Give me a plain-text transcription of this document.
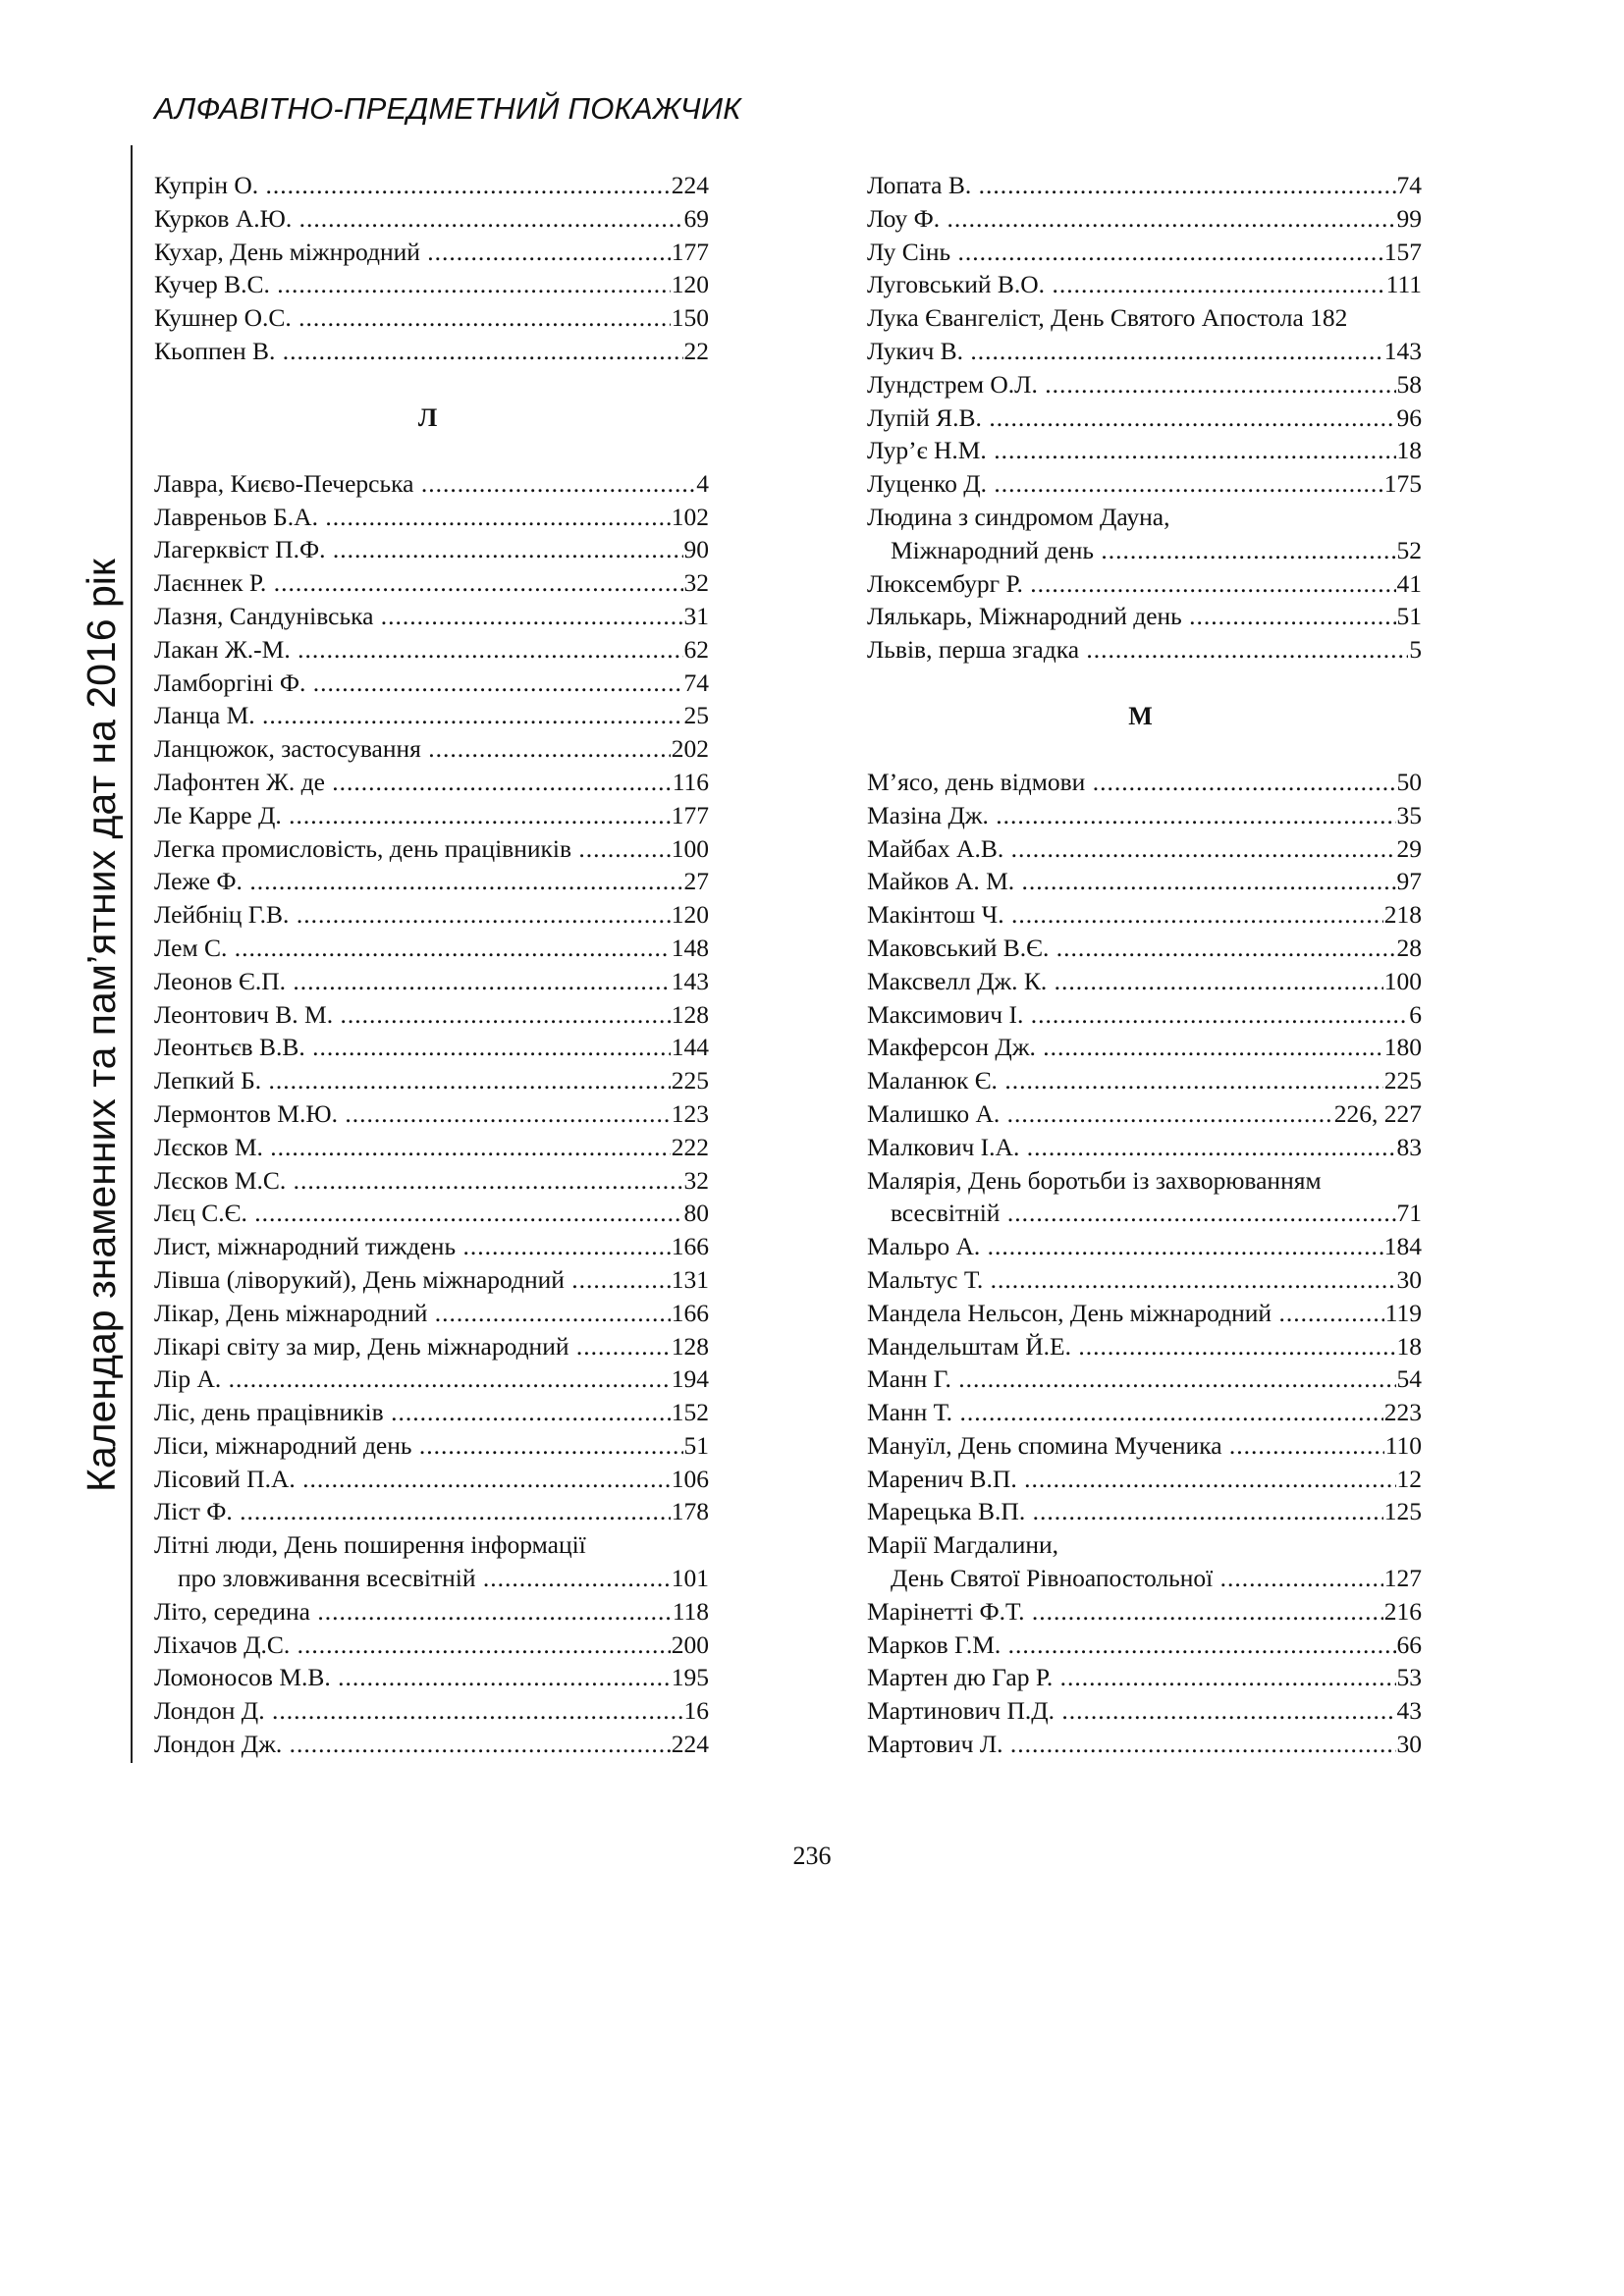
АЛФАВІТНО-ПРЕДМЕТНИЙ ПОКАЖЧИК
Календар знаменних та пам’ятних дат на 2016 рік
Купрін О. .....	224
Курков А.Ю. .....	69
Кухар, День міжнродний .....	177
Кучер В.С. .....	120
Кушнер О.С. .....	150
Кьоппен В. .....	22
Л
Лавра, Києво-Печерська .....	4
Лавреньов Б.А. .....	102
Лагерквіст П.Ф. .....	90
Лаєннек Р. .....	32
Лазня, Сандунівська .....	31
Лакан Ж.-М. .....	62
Ламборгіні Ф. .....	74
Ланца М. .....	25
Ланцюжок, застосування .....	202
Лафонтен Ж. де .....	116
Ле Карре Д. .....	177
Легка промисловість, день працівників .....	100
Леже Ф. .....	27
Лейбніц Г.В. .....	120
Лем С. .....	148
Леонов Є.П. .....	143
Леонтович В. М. .....	128
Леонтьєв В.В. .....	144
Лепкий Б. .....	225
Лермонтов М.Ю. .....	123
Лєсков М. .....	222
Лєсков М.С. .....	32
Лєц С.Є. .....	80
Лист, міжнародний тиждень .....	166
Лівша (ліворукий), День міжнародний .....	131
Лікар, День міжнародний .....	166
Лікарі світу за мир, День міжнародний .....	128
Лір А. .....	194
Ліс, день працівників .....	152
Ліси, міжнародний день .....	51
Лісовий П.А. .....	106
Ліст Ф. .....	178
Літні люди, День поширення інформації
про зловживання всесвітній .....	101
Літо, середина .....	118
Ліхачов Д.С. .....	200
Ломоносов М.В. .....	195
Лондон Д. .....	16
Лондон Дж. .....	224
Лопата В. .....	74
Лоу Ф. .....	99
Лу Сінь .....	157
Луговський В.О. .....	111
Лука Євангеліст, День Святого Апостола 182
Лукич В. .....	143
Лундстрем О.Л. .....	58
Лупій Я.В. .....	96
Лур’є Н.М. .....	18
Луценко Д. .....	175
Людина з синдромом Дауна,
Міжнародний день .....	52
Люксембург Р. .....	41
Лялькарь, Міжнародний день .....	51
Львів, перша згадка .....	5
М
М’ясо, день відмови .....	50
Мазіна Дж. .....	35
Майбах А.В. .....	29
Майков А. М. .....	97
Макінтош Ч. .....	218
Маковський В.Є. .....	28
Максвелл Дж. К. .....	100
Максимович І. .....	6
Макферсон Дж. .....	180
Маланюк Є. .....	225
Малишко А. .....	226, 227
Малкович І.А. .....	83
Малярія, День боротьби із захворюванням
всесвітній .....	71
Мальро А. .....	184
Мальтус Т. .....	30
Мандела Нельсон, День міжнародний .....	119
Мандельштам Й.Е. .....	18
Манн Г. .....	54
Манн Т. .....	223
Мануїл, День спомина Мученика .....	110
Маренич В.П. .....	12
Марецька В.П. .....	125
Марії Магдалини,
День Святої Рівноапостольної .....	127
Марінетті Ф.Т. .....	216
Марков Г.М. .....	66
Мартен дю Гар Р. .....	53
Мартинович П.Д. .....	43
Мартович Л. .....	30
236
